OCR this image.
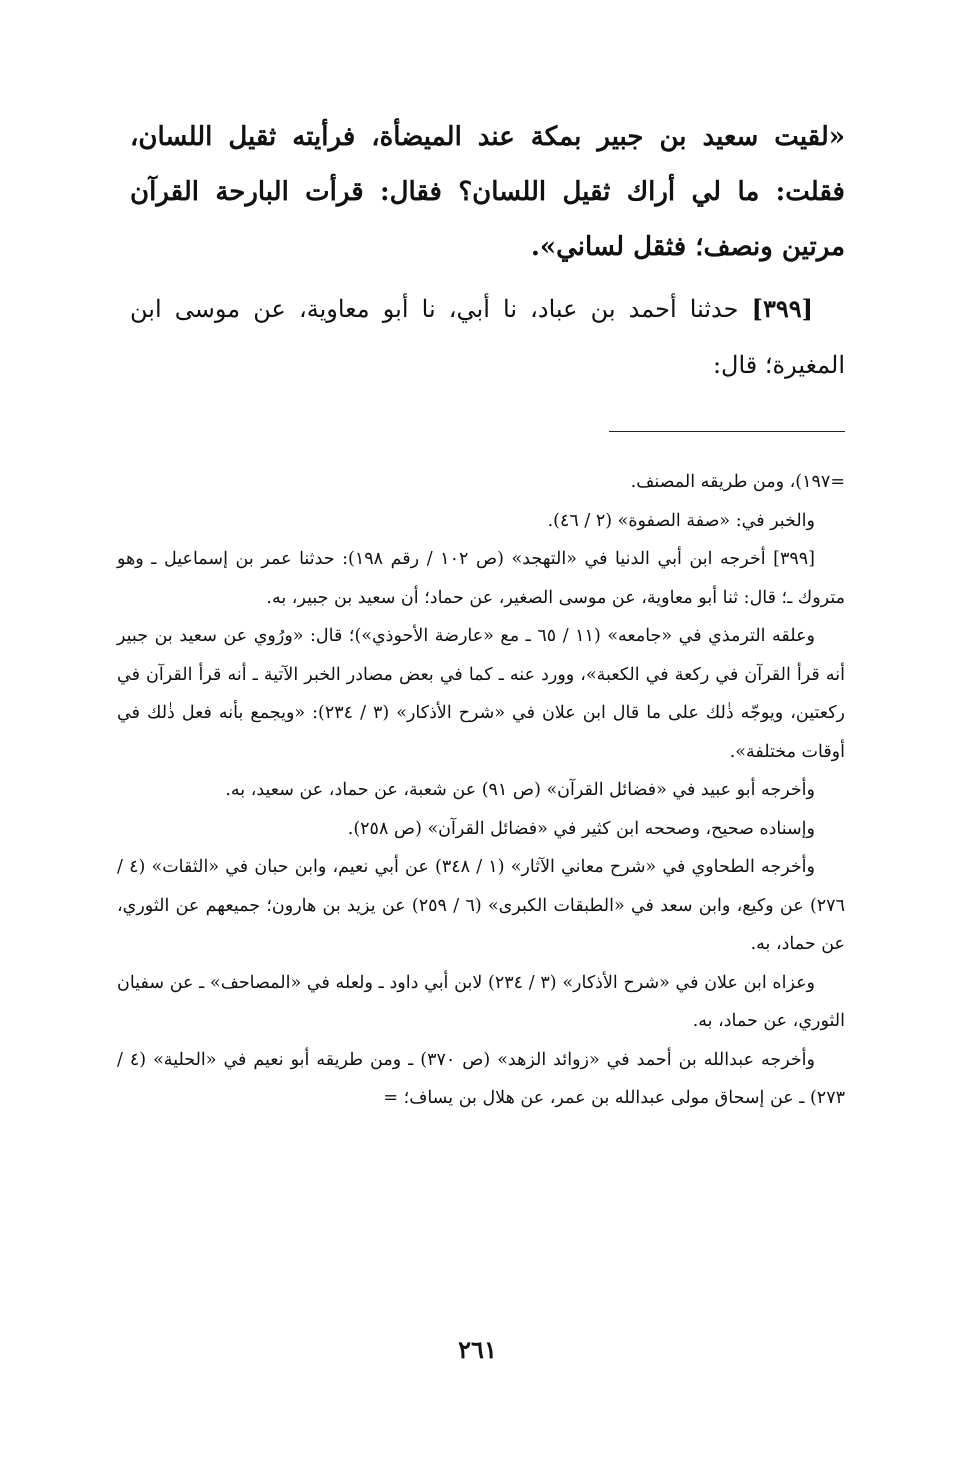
«لقيت سعيد بن جبير بمكة عند الميضأة، فرأيته ثقيل اللسان، فقلت: ما لي أراك ثقيل اللسان؟ فقال: قرأت البارحة القرآن مرتين ونصف؛ فثقل لساني».

[٣٩٩] حدثنا أحمد بن عباد، نا أبي، نا أبو معاوية، عن موسى ابن المغيرة؛ قال:

=١٩٧)، ومن طريقه المصنف.

والخبر في: «صفة الصفوة» (٢ / ٤٦).

[٣٩٩] أخرجه ابن أبي الدنيا في «التهجد» (ص ١٠٢ / رقم ١٩٨): حدثنا عمر بن إسماعيل ـ وهو متروك ـ؛ قال: ثنا أبو معاوية، عن موسى الصغير، عن حماد؛ أن سعيد بن جبير، به.

وعلقه الترمذي في «جامعه» (١١ / ٦٥ ـ مع «عارضة الأحوذي»)؛ قال: «ورُوي عن سعيد بن جبير أنه قرأ القرآن في ركعة في الكعبة»، وورد عنه ـ كما في بعض مصادر الخبر الآتية ـ أنه قرأ القرآن في ركعتين، ويوجّه ذٰلك على ما قال ابن علان في «شرح الأذكار» (٣ / ٢٣٤): «ويجمع بأنه فعل ذٰلك في أوقات مختلفة».

وأخرجه أبو عبيد في «فضائل القرآن» (ص ٩١) عن شعبة، عن حماد، عن سعيد، به.

وإسناده صحيح، وصححه ابن كثير في «فضائل القرآن» (ص ٢٥٨).

وأخرجه الطحاوي في «شرح معاني الآثار» (١ / ٣٤٨) عن أبي نعيم، وابن حبان في «الثقات» (٤ / ٢٧٦) عن وكيع، وابن سعد في «الطبقات الكبرى» (٦ / ٢٥٩) عن يزيد بن هارون؛ جميعهم عن الثوري، عن حماد، به.

وعزاه ابن علان في «شرح الأذكار» (٣ / ٢٣٤) لابن أبي داود ـ ولعله في «المصاحف» ـ عن سفيان الثوري، عن حماد، به.

وأخرجه عبدالله بن أحمد في «زوائد الزهد» (ص ٣٧٠) ـ ومن طريقه أبو نعيم في «الحلية» (٤ / ٢٧٣) ـ عن إسحاق مولى عبدالله بن عمر، عن هلال بن يساف؛ =

٢٦١
